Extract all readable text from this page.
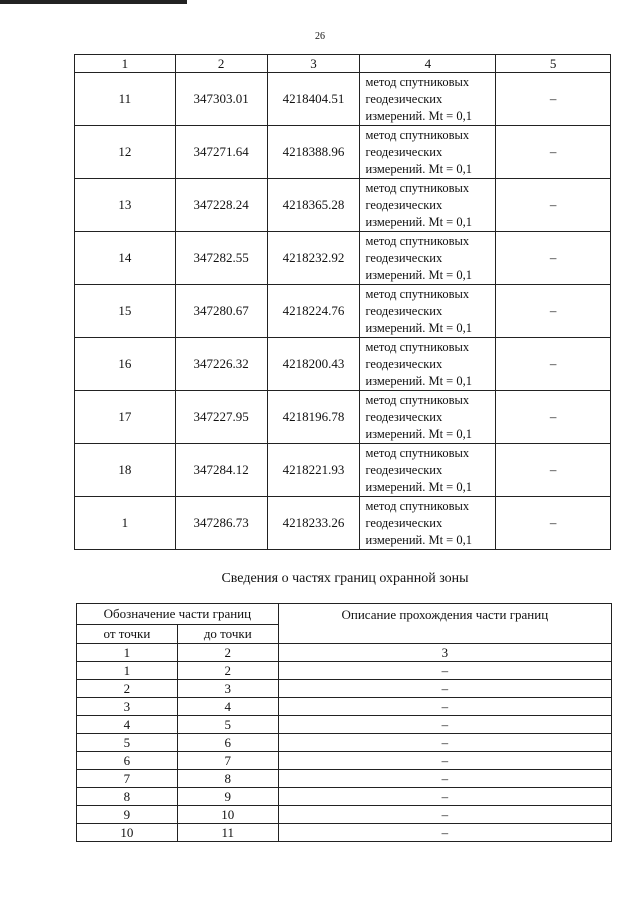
26
1	2	3	4	5
11	347303.01	4218404.51	метод спутниковых
геодезических
измерений. Mt = 0,1	–
12	347271.64	4218388.96	метод спутниковых
геодезических
измерений. Mt = 0,1	–
13	347228.24	4218365.28	метод спутниковых
геодезических
измерений. Mt = 0,1	–
14	347282.55	4218232.92	метод спутниковых
геодезических
измерений. Mt = 0,1	–
15	347280.67	4218224.76	метод спутниковых
геодезических
измерений. Mt = 0,1	–
16	347226.32	4218200.43	метод спутниковых
геодезических
измерений. Mt = 0,1	–
17	347227.95	4218196.78	метод спутниковых
геодезических
измерений. Mt = 0,1	–
18	347284.12	4218221.93	метод спутниковых
геодезических
измерений. Mt = 0,1	–
1	347286.73	4218233.26	метод спутниковых
геодезических
измерений. Mt = 0,1	–
Сведения о частях границ охранной зоны
Обозначение части границ		Описание прохождения части границ
от точки	до точки	
1	2	3
1	2	–
2	3	–
3	4	–
4	5	–
5	6	–
6	7	–
7	8	–
8	9	–
9	10	–
10	11	–
